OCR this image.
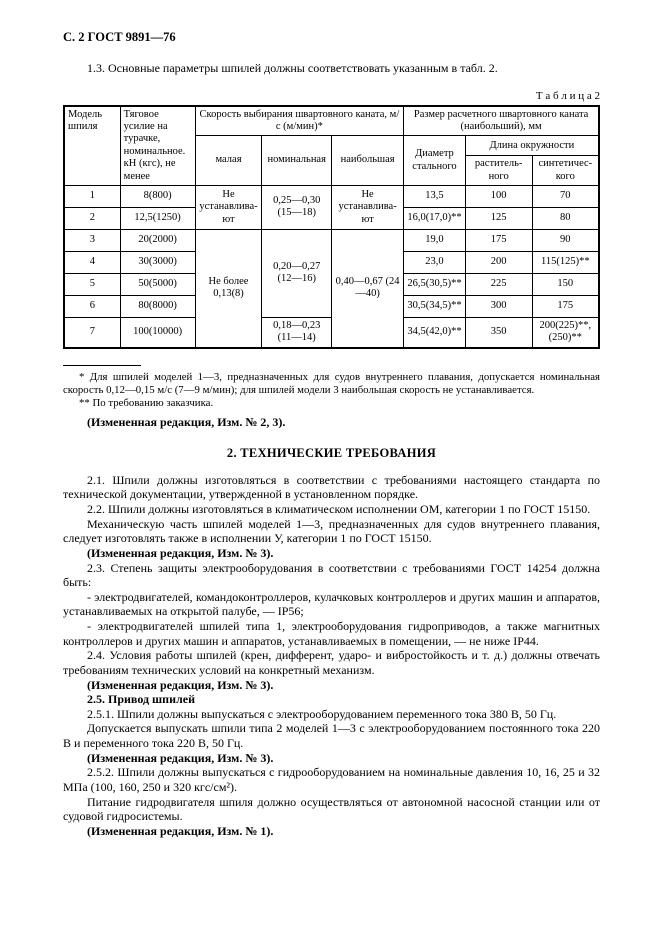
С. 2 ГОСТ 9891—76

1.3. Основные параметры шпилей должны соответствовать указанным в табл. 2.

Т а б л и ц а 2
Модель шпиля	Тяговое усилие на турачке, номинальное. кН (кгс), не менее	Скорость выбирания швартовного каната, м/с (м/мин)*			Размер расчетного швартовного каната (наибольший), мм		
		малая	номинальная	наибольшая	Диаметр стального	Длина окружности	
						раститель- ного	синтетичес- кого
1	8(800)	Не устанавлива- ют	0,25—0,30 (15—18)	Не устанавлива- ют	13,5	100	70
2	12,5(1250)				16,0(17,0)**	125	80
3	20(2000)	Не более 0,13(8)	0,20—0,27 (12—16)	0,40—0,67 (24—40)	19,0	175	90
4	30(3000)				23,0	200	115(125)**
5	50(5000)				26,5(30,5)**	225	150
6	80(8000)				30,5(34,5)**	300	175
7	100(10000)		0,18—0,23 (11—14)		34,5(42,0)**	350	200(225)**, (250)**

* Для шпилей моделей 1—3, предназначенных для судов внутреннего плавания, допускается номинальная скорость 0,12—0,15 м/с (7—9 м/мин); для шпилей модели 3 наибольшая скорость не устанавливается.

** По требованию заказчика.

(Измененная редакция, Изм. № 2, 3).

2. ТЕХНИЧЕСКИЕ ТРЕБОВАНИЯ

2.1. Шпили должны изготовляться в соответствии с требованиями настоящего стандарта по технической документации, утвержденной в установленном порядке.

2.2. Шпили должны изготовляться в климатическом исполнении ОМ, категории 1 по ГОСТ 15150.

Механическую часть шпилей моделей 1—3, предназначенных для судов внутреннего плавания, следует изготовлять также в исполнении У, категории 1 по ГОСТ 15150.

(Измененная редакция, Изм. № 3).

2.3. Степень защиты электрооборудования в соответствии с требованиями ГОСТ 14254 должна быть:

- электродвигателей, командоконтроллеров, кулачковых контроллеров и других машин и аппаратов, устанавливаемых на открытой палубе, — IP56;

- электродвигателей шпилей типа 1, электрооборудования гидроприводов, а также магнитных контроллеров и других машин и аппаратов, устанавливаемых в помещении, — не ниже IP44.

2.4. Условия работы шпилей (крен, дифферент, ударо- и вибростойкость и т. д.) должны отвечать требованиям технических условий на конкретный механизм.

(Измененная редакция, Изм. № 3).

2.5. Привод шпилей

2.5.1. Шпили должны выпускаться с электрооборудованием переменного тока 380 В, 50 Гц.

Допускается выпускать шпили типа 2 моделей 1—3 с электрооборудованием постоянного тока 220 В и переменного тока 220 В, 50 Гц.

(Измененная редакция, Изм. № 3).

2.5.2. Шпили должны выпускаться с гидрооборудованием на номинальные давления 10, 16, 25 и 32 МПа (100, 160, 250 и 320 кгс/см²).

Питание гидродвигателя шпиля должно осуществляться от автономной насосной станции или от судовой гидросистемы.

(Измененная редакция, Изм. № 1).
